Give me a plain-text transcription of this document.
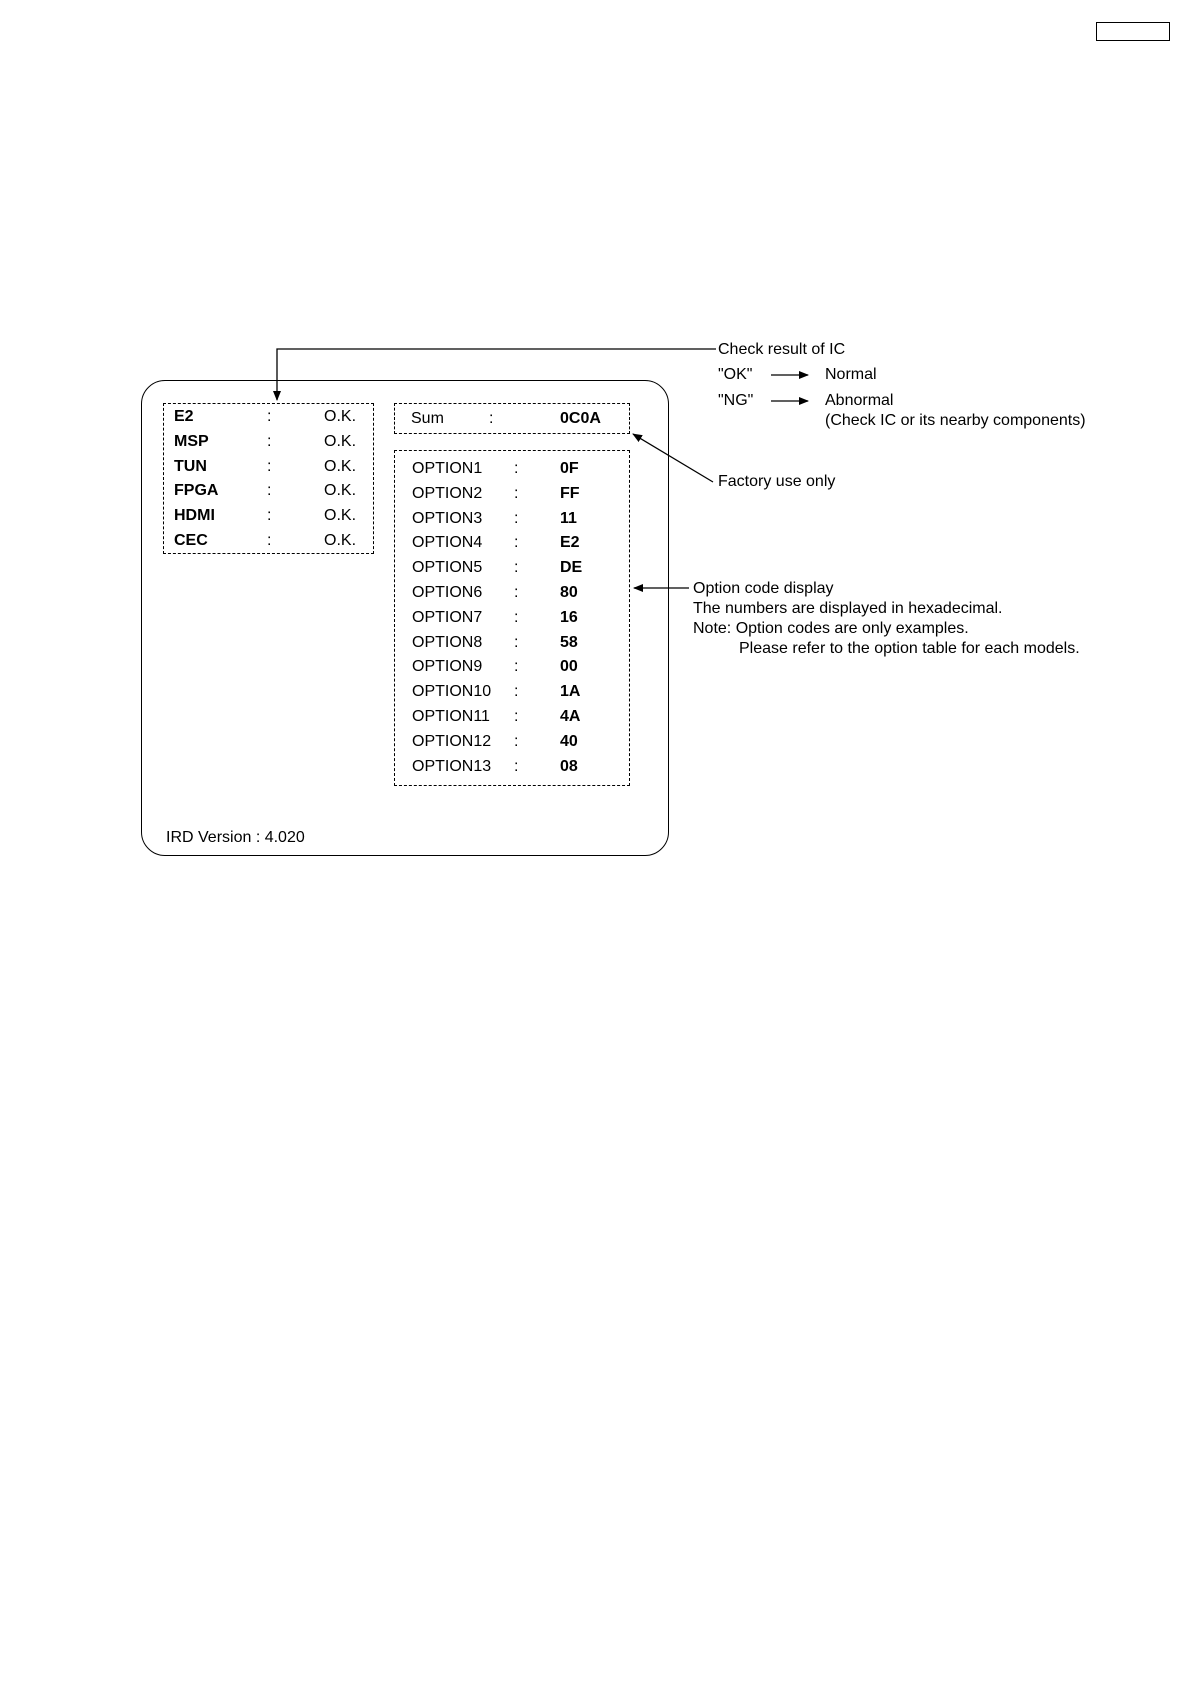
E2	:	O.K.
MSP	:	O.K.
TUN	:	O.K.
FPGA	:	O.K.
HDMI	:	O.K.
CEC	:	O.K.
Sum	:	0C0A
OPTION1 :	0F
OPTION2 :	FF
OPTION3 :	11
OPTION4 :	E2
OPTION5 :	DE
OPTION6 :	80
OPTION7 :	16
OPTION8 :	58
OPTION9 :	00
OPTION10 :	1A
OPTION11 :	4A
OPTION12 :	40
OPTION13 :	08
IRD Version : 4.020
Check result of IC
"OK"	Normal
"NG"	Abnormal
(Check IC or its nearby components)
Factory use only
Option code display
The numbers are displayed in hexadecimal.
Note: Option codes are only examples.
Please refer to the option table for each models.
